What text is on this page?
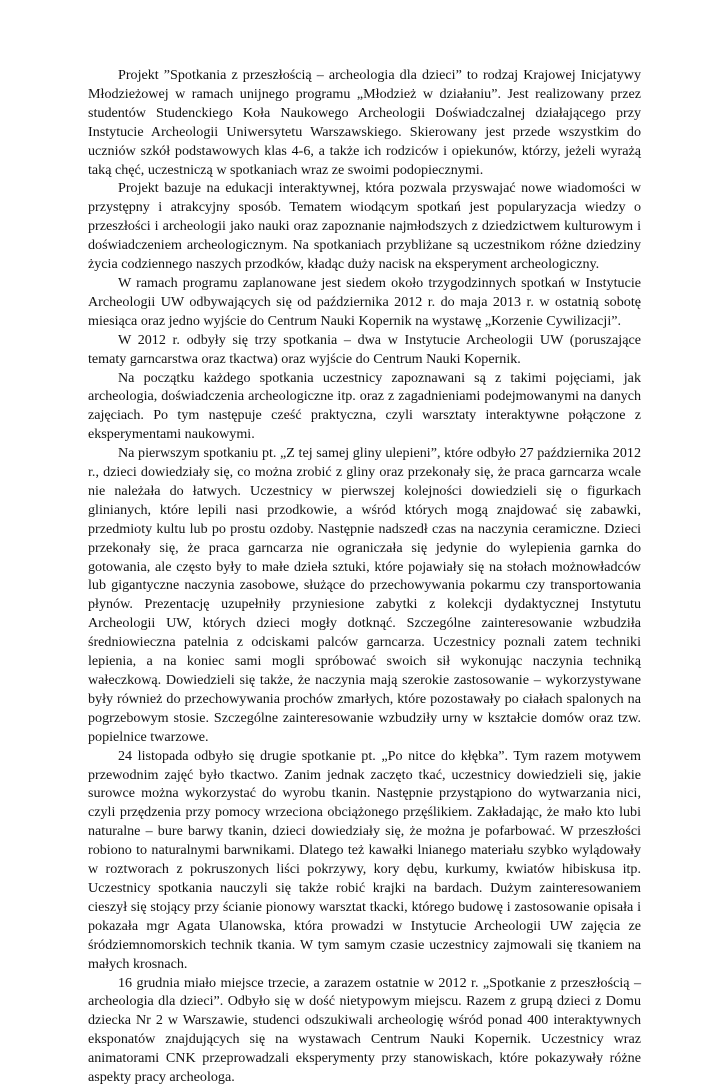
Projekt ”Spotkania z przeszłością – archeologia dla dzieci” to rodzaj Krajowej Inicjatywy Młodzieżowej w ramach unijnego programu „Młodzież w działaniu”. Jest realizowany przez studentów Studenckiego Koła Naukowego Archeologii Doświadczalnej działającego przy Instytucie Archeologii Uniwersytetu Warszawskiego. Skierowany jest przede wszystkim do uczniów szkół podstawowych klas 4-6, a także ich rodziców i opiekunów, którzy, jeżeli wyrażą taką chęć, uczestniczą w spotkaniach wraz ze swoimi podopiecznymi.

Projekt bazuje na edukacji interaktywnej, która pozwala przyswajać nowe wiadomości w przystępny i atrakcyjny sposób. Tematem wiodącym spotkań jest popularyzacja wiedzy o przeszłości i archeologii jako nauki oraz zapoznanie najmłodszych z dziedzictwem kulturowym i doświadczeniem archeologicznym. Na spotkaniach przybliżane są uczestnikom różne dziedziny życia codziennego naszych przodków, kładąc duży nacisk na eksperyment archeologiczny.

W ramach programu zaplanowane jest siedem około trzygodzinnych spotkań w Instytucie Archeologii UW odbywających się od października 2012 r. do maja 2013 r. w ostatnią sobotę miesiąca oraz jedno wyjście do Centrum Nauki Kopernik na wystawę „Korzenie Cywilizacji”.

W 2012 r. odbyły się trzy spotkania – dwa w Instytucie Archeologii UW (poruszające tematy garncarstwa oraz tkactwa) oraz wyjście do Centrum Nauki Kopernik.

Na początku każdego spotkania uczestnicy zapoznawani są z takimi pojęciami, jak archeologia, doświadczenia archeologiczne itp. oraz z zagadnieniami podejmowanymi na danych zajęciach. Po tym następuje cześć praktyczna, czyli warsztaty interaktywne połączone z eksperymentami naukowymi.

Na pierwszym spotkaniu pt. „Z tej samej gliny ulepieni”, które odbyło 27 października 2012 r., dzieci dowiedziały się, co można zrobić z gliny oraz przekonały się, że praca garncarza wcale nie należała do łatwych. Uczestnicy w pierwszej kolejności dowiedzieli się o figurkach glinianych, które lepili nasi przodkowie, a wśród których mogą znajdować się zabawki, przedmioty kultu lub po prostu ozdoby. Następnie nadszedł czas na naczynia ceramiczne. Dzieci przekonały się, że praca garncarza nie ograniczała się jedynie do wylepienia garnka do gotowania, ale często były to małe dzieła sztuki, które pojawiały się na stołach możnowładców lub gigantyczne naczynia zasobowe, służące do przechowywania pokarmu czy transportowania płynów. Prezentację uzupełniły przyniesione zabytki z kolekcji dydaktycznej Instytutu Archeologii UW, których dzieci mogły dotknąć. Szczególne zainteresowanie wzbudziła średniowieczna patelnia z odciskami palców garncarza. Uczestnicy poznali zatem techniki lepienia, a na koniec sami mogli spróbować swoich sił wykonując naczynia techniką wałeczkową. Dowiedzieli się także, że naczynia mają szerokie zastosowanie – wykorzystywane były również do przechowywania prochów zmarłych, które pozostawały po ciałach spalonych na pogrzebowym stosie. Szczególne zainteresowanie wzbudziły urny w kształcie domów oraz tzw. popielnice twarzowe.

24 listopada odbyło się drugie spotkanie pt. „Po nitce do kłębka”. Tym razem motywem przewodnim zajęć było tkactwo. Zanim jednak zaczęto tkać, uczestnicy dowiedzieli się, jakie surowce można wykorzystać do wyrobu tkanin. Następnie przystąpiono do wytwarzania nici, czyli przędzenia przy pomocy wrzeciona obciążonego przęślikiem. Zakładając, że mało kto lubi naturalne – bure barwy tkanin, dzieci dowiedziały się, że można je pofarbować. W przeszłości robiono to naturalnymi barwnikami. Dlatego też kawałki lnianego materiału szybko wylądowały w roztworach z pokruszonych liści pokrzywy, kory dębu, kurkumy, kwiatów hibiskusa itp. Uczestnicy spotkania nauczyli się także robić krajki na bardach. Dużym zainteresowaniem cieszył się stojący przy ścianie pionowy warsztat tkacki, którego budowę i zastosowanie opisała i pokazała mgr Agata Ulanowska, która prowadzi w Instytucie Archeologii UW zajęcia ze śródziemnomorskich technik tkania. W tym samym czasie uczestnicy zajmowali się tkaniem na małych krosnach.

16 grudnia miało miejsce trzecie, a zarazem ostatnie w 2012 r. „Spotkanie z przeszłością – archeologia dla dzieci”. Odbyło się w dość nietypowym miejscu. Razem z grupą dzieci z Domu dziecka Nr 2 w Warszawie, studenci odszukiwali archeologię wśród ponad 400 interaktywnych eksponatów znajdujących się na wystawach Centrum Nauki Kopernik. Uczestnicy wraz animatorami CNK przeprowadzali eksperymenty przy stanowiskach, które pokazywały różne aspekty pracy archeologa.
